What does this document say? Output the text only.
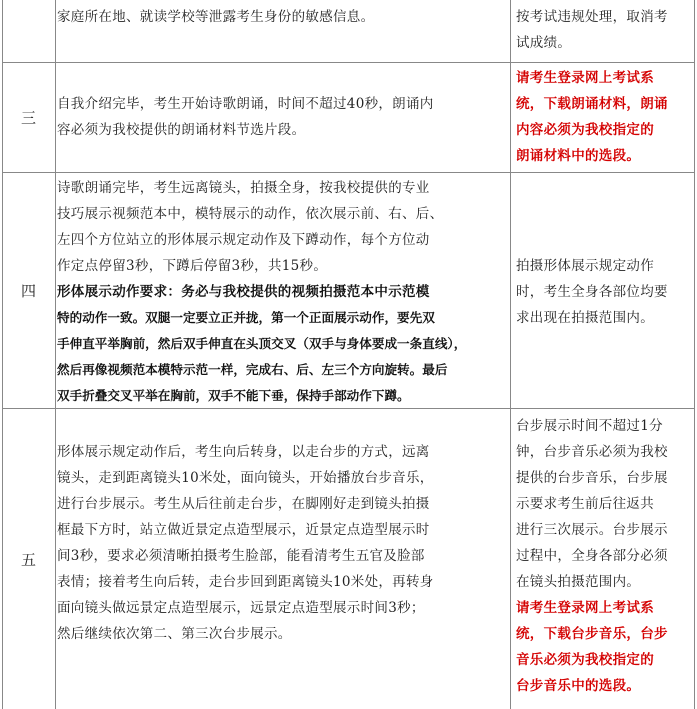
家庭所在地、就读学校等泄露考生身份的敏感信息。	按考试违规处理，取消考
试成绩。
三
自我介绍完毕，考生开始诗歌朗诵，时间不超过40秒，朗诵内
容必须为我校提供的朗诵材料节选片段。
请考生登录网上考试系
统，下载朗诵材料，朗诵
内容必须为我校指定的
朗诵材料中的选段。
四
诗歌朗诵完毕，考生远离镜头，拍摄全身，按我校提供的专业
技巧展示视频范本中，模特展示的动作，依次展示前、右、后、
左四个方位站立的形体展示规定动作及下蹲动作，每个方位动
作定点停留3秒，下蹲后停留3秒，共15秒。
形体展示动作要求：务必与我校提供的视频拍摄范本中示范模
特的动作一致。双腿一定要立正并拢，第一个正面展示动作，要先双
手伸直平举胸前，然后双手伸直在头顶交叉（双手与身体要成一条直线），
然后再像视频范本模特示范一样，完成右、后、左三个方向旋转。最后
双手折叠交叉平举在胸前，双手不能下垂，保持手部动作下蹲。
拍摄形体展示规定动作
时，考生全身各部位均要
求出现在拍摄范围内。
五
形体展示规定动作后，考生向后转身，以走台步的方式，远离
镜头，走到距离镜头10米处，面向镜头，开始播放台步音乐，
进行台步展示。考生从后往前走台步，在脚刚好走到镜头拍摄
框最下方时，站立做近景定点造型展示，近景定点造型展示时
间3秒，要求必须清晰拍摄考生脸部，能看清考生五官及脸部
表情；接着考生向后转，走台步回到距离镜头10米处，再转身
面向镜头做远景定点造型展示，远景定点造型展示时间3秒；
然后继续依次第二、第三次台步展示。
台步展示时间不超过1分
钟，台步音乐必须为我校
提供的台步音乐，台步展
示要求考生前后往返共
进行三次展示。台步展示
过程中，全身各部分必须
在镜头拍摄范围内。
请考生登录网上考试系
统，下载台步音乐，台步
音乐必须为我校指定的
台步音乐中的选段。
